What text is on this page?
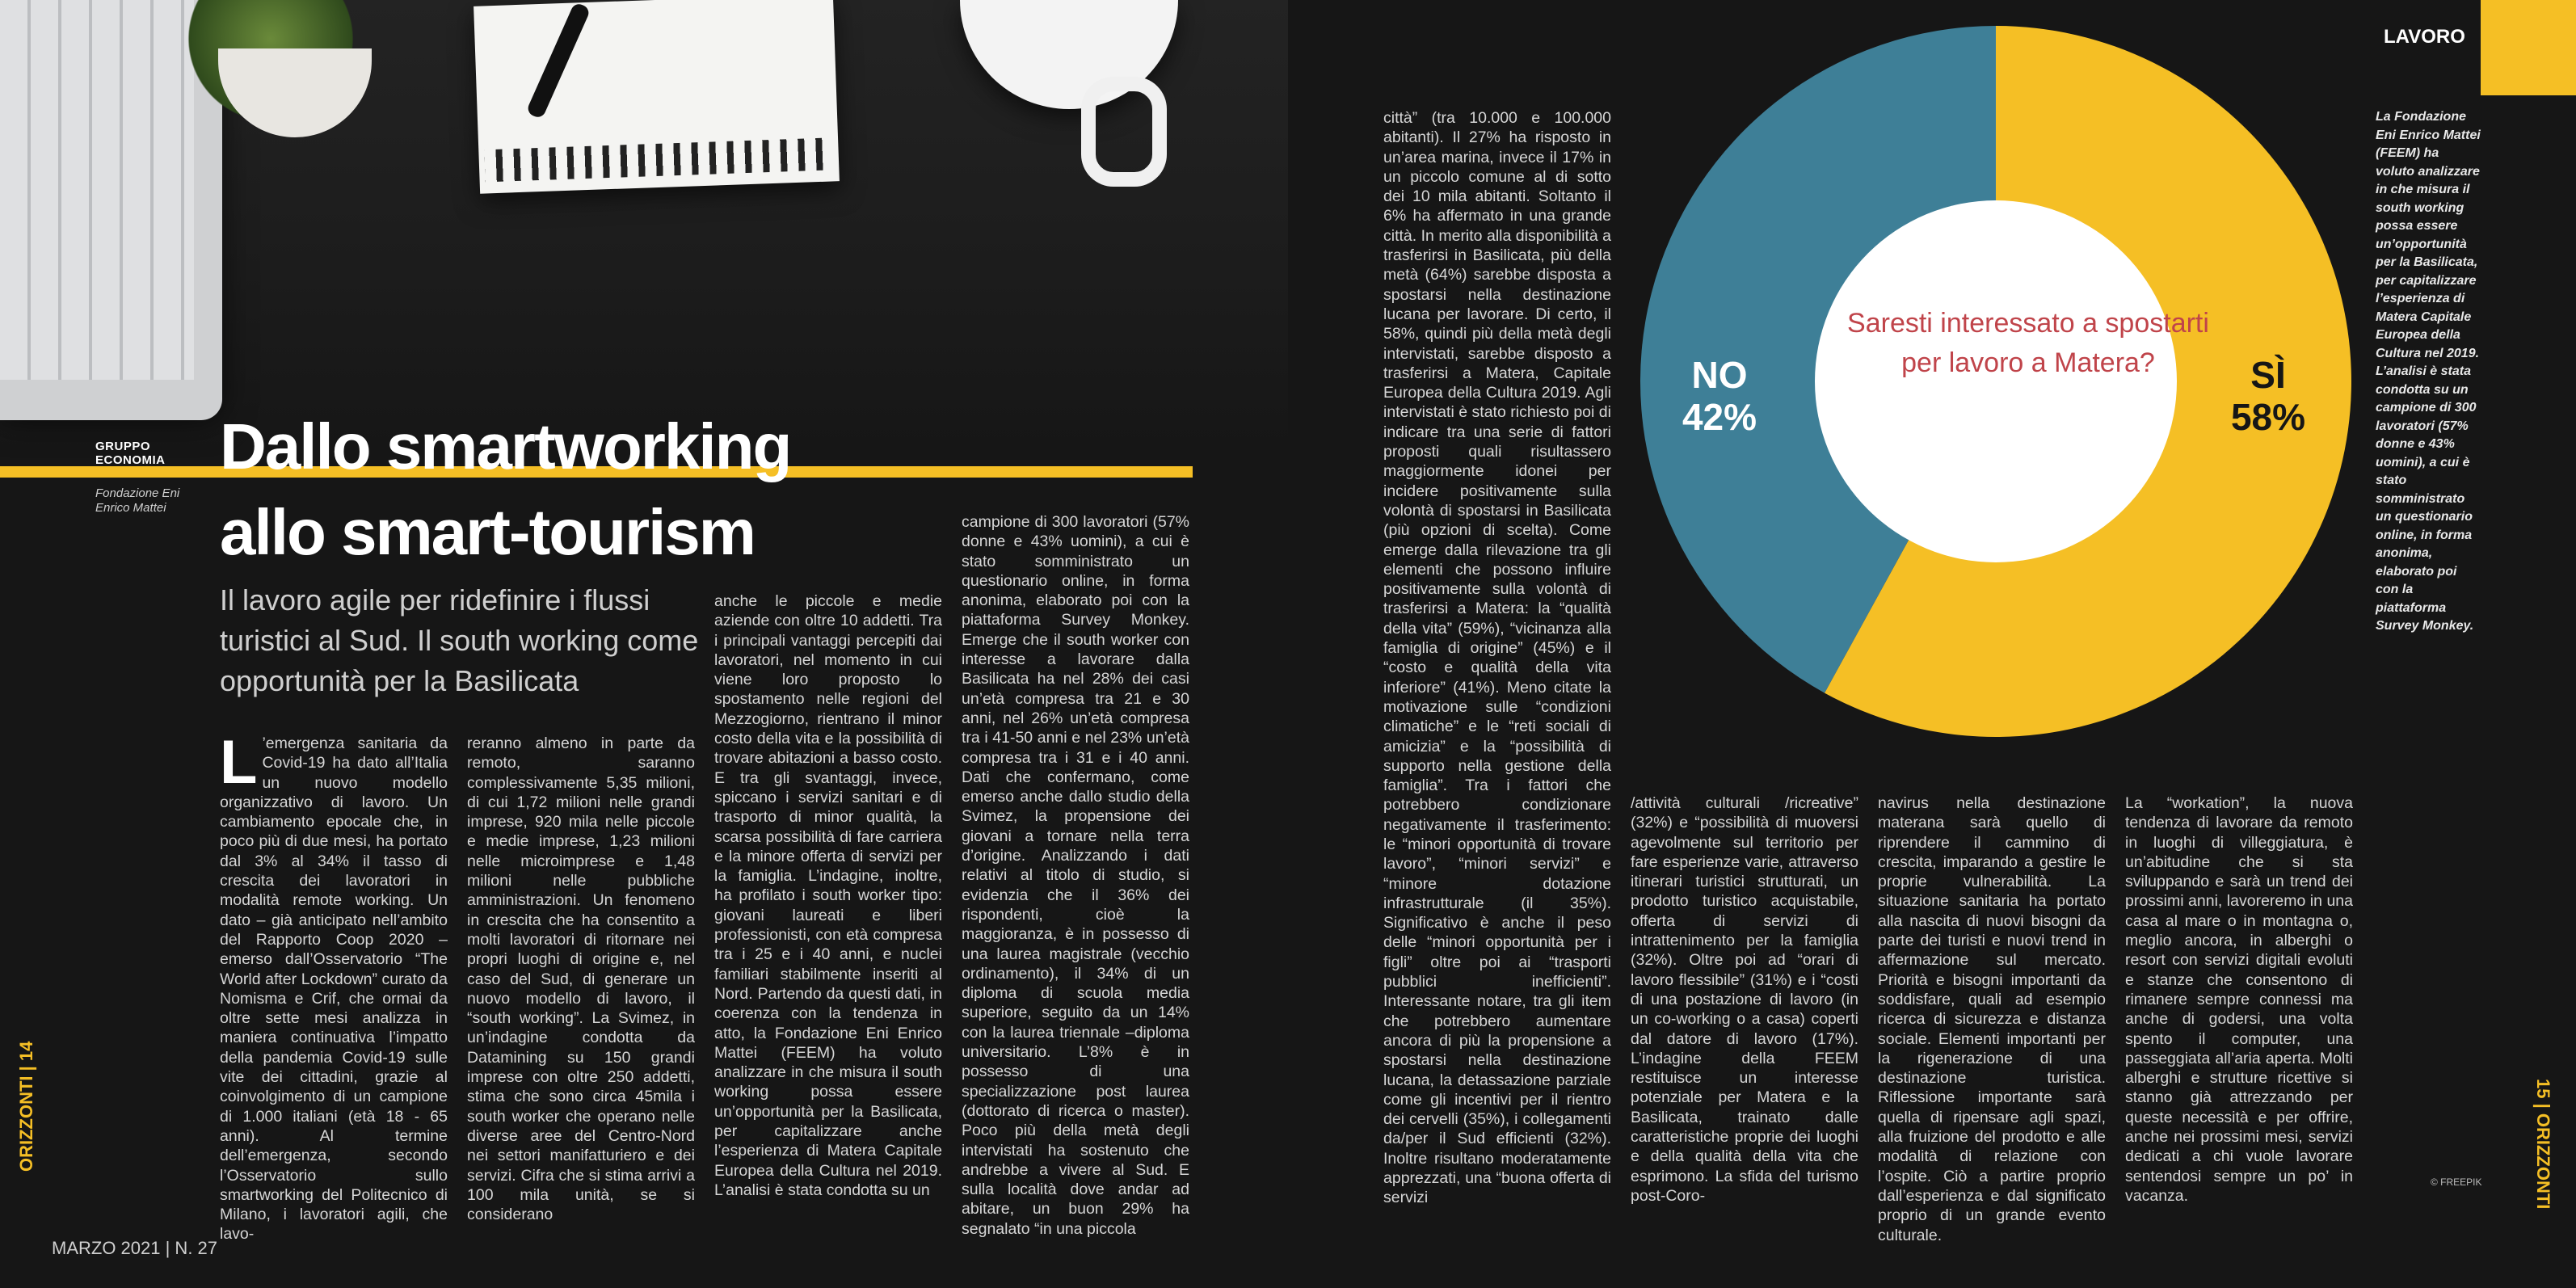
GRUPPO
ECONOMIA
Fondazione Eni
Enrico Mattei
Dallo smartworking
allo smart-tourism
Il lavoro agile per ridefinire i flussi turistici al Sud. Il south working come opportunità per la Basilicata
L ’emergenza sanitaria da Covid-19 ha dato all’Italia un nuovo modello organizzativo di lavoro. Un cambiamento epocale che, in poco più di due mesi, ha portato dal 3% al 34% il tasso di crescita dei lavoratori in modalità remote working. Un dato – già anticipato nell’ambito del Rapporto Coop 2020 – emerso dall’Osservatorio “The World after Lockdown” curato da Nomisma e Crif, che ormai da oltre sette mesi analizza in maniera continuativa l’impatto della pandemia Covid-19 sulle vite dei cittadini, grazie al coinvolgimento di un campione di 1.000 italiani (età 18 - 65 anni). Al termine dell’emergenza, secondo l’Osservatorio sullo smartworking del Politecnico di Milano, i lavoratori agili, che lavo-
reranno almeno in parte da remoto, saranno complessivamente 5,35 milioni, di cui 1,72 milioni nelle grandi imprese, 920 mila nelle piccole e medie imprese, 1,23 milioni nelle microimprese e 1,48 milioni nelle pubbliche amministrazioni. Un fenomeno in crescita che ha consentito a molti lavoratori di ritornare nei propri luoghi di origine e, nel caso del Sud, di generare un nuovo modello di lavoro, il “south working”. La Svimez, in un’indagine condotta da Datamining su 150 grandi imprese con oltre 250 addetti, stima che sono circa 45mila i south worker che operano nelle diverse aree del Centro-Nord nei settori manifatturiero e dei servizi. Cifra che si stima arrivi a 100 mila unità, se si considerano
anche le piccole e medie aziende con oltre 10 addetti. Tra i principali vantaggi percepiti dai lavoratori, nel momento in cui viene loro proposto lo spostamento nelle regioni del Mezzogiorno, rientrano il minor costo della vita e la possibilità di trovare abitazioni a basso costo. E tra gli svantaggi, invece, spiccano i servizi sanitari e di trasporto di minor qualità, la scarsa possibilità di fare carriera e la minore offerta di servizi per la famiglia. L’indagine, inoltre, ha profilato i south worker tipo: giovani laureati e liberi professionisti, con età compresa tra i 25 e i 40 anni, e nuclei familiari stabilmente inseriti al Nord. Partendo da questi dati, in coerenza con la tendenza in atto, la Fondazione Eni Enrico Mattei (FEEM) ha voluto analizzare in che misura il south working possa essere un’opportunità per la Basilicata, per capitalizzare anche l’esperienza di Matera Capitale Europea della Cultura nel 2019. L’analisi è stata condotta su un
campione di 300 lavoratori (57% donne e 43% uomini), a cui è stato somministrato un questionario online, in forma anonima, elaborato poi con la piattaforma Survey Monkey. Emerge che il south worker con interesse a lavorare dalla Basilicata ha nel 28% dei casi un’età compresa tra 21 e 30 anni, nel 26% un’età compresa tra i 41-50 anni e nel 23% un’età compresa tra i 31 e i 40 anni. Dati che confermano, come emerso anche dallo studio della Svimez, la propensione dei giovani a tornare nella terra d’origine. Analizzando i dati relativi al titolo di studio, si evidenzia che il 36% dei rispondenti, cioè la maggioranza, è in possesso di una laurea magistrale (vecchio ordinamento), il 34% di un diploma di scuola media superiore, seguito da un 14% con la laurea triennale –diploma universitario. L’8% è in possesso di una specializzazione post laurea (dottorato di ricerca o master). Poco più della metà degli intervistati ha sostenuto che andrebbe a vivere al Sud. E sulla località dove andar ad abitare, un buon 29% ha segnalato “in una piccola
città” (tra 10.000 e 100.000 abitanti). Il 27% ha risposto in un’area marina, invece il 17% in un piccolo comune al di sotto dei 10 mila abitanti. Soltanto il 6% ha affermato in una grande città. In merito alla disponibilità a trasferirsi in Basilicata, più della metà (64%) sarebbe disposta a spostarsi nella destinazione lucana per lavorare. Di certo, il 58%, quindi più della metà degli intervistati, sarebbe disposto a trasferirsi a Matera, Capitale Europea della Cultura 2019. Agli intervistati è stato richiesto poi di indicare tra una serie di fattori proposti quali risultassero maggiormente idonei per incidere positivamente sulla volontà di spostarsi in Basilicata (più opzioni di scelta). Come emerge dalla rilevazione tra gli elementi che possono influire positivamente sulla volontà di trasferirsi a Matera: la “qualità della vita” (59%), “vicinanza alla famiglia di origine” (45%) e il “costo e qualità della vita inferiore” (41%). Meno citate la motivazione sulle “condizioni climatiche” e le “reti sociali di amicizia” e la “possibilità di supporto nella gestione della famiglia”. Tra i fattori che potrebbero condizionare negativamente il trasferimento: le “minori opportunità di trovare lavoro”, “minori servizi” e “minore dotazione infrastrutturale (il 35%). Significativo è anche il peso delle “minori opportunità per i figli” oltre poi ai “trasporti pubblici inefficienti”. Interessante notare, tra gli item che potrebbero aumentare ancora di più la propensione a spostarsi nella destinazione lucana, la detassazione parziale come gli incentivi per il rientro dei cervelli (35%), i collegamenti da/per il Sud efficienti (32%). Inoltre risultano moderatamente apprezzati, una “buona offerta di servizi
/attività culturali /ricreative” (32%) e “possibilità di muoversi agevolmente sul territorio per fare esperienze varie, attraverso itinerari turistici strutturati, un prodotto turistico acquistabile, offerta di servizi di intrattenimento per la famiglia (32%). Oltre poi ad “orari di lavoro flessibile” (31%) e i “costi di una postazione di lavoro (in un co-working o a casa) coperti dal datore di lavoro (17%). L’indagine della FEEM restituisce un interesse potenziale per Matera e la Basilicata, trainato dalle caratteristiche proprie dei luoghi e della qualità della vita che esprimono. La sfida del turismo post-Coro-
navirus nella destinazione materana sarà quello di riprendere il cammino di crescita, imparando a gestire le proprie vulnerabilità. La situazione sanitaria ha portato alla nascita di nuovi bisogni da parte dei turisti e nuovi trend in affermazione sul mercato. Priorità e bisogni importanti da soddisfare, quali ad esempio ricerca di sicurezza e distanza sociale. Elementi importanti per la rigenerazione di una destinazione turistica. Riflessione importante sarà quella di ripensare agli spazi, alla fruizione del prodotto e alle modalità di relazione con l’ospite. Ciò a partire proprio dall’esperienza e dal significato proprio di un grande evento culturale.
La “workation”, la nuova tendenza di lavorare da remoto in luoghi di villeggiatura, è un’abitudine che si sta sviluppando e sarà un trend dei prossimi anni, lavoreremo in una casa al mare o in montagna o, meglio ancora, in alberghi o resort con servizi digitali evoluti e stanze che consentono di rimanere sempre connessi ma anche di godersi, una volta spento il computer, una passeggiata all’aria aperta. Molti alberghi e strutture ricettive si stanno già attrezzando per queste necessità e per offrire, anche nei prossimi mesi, servizi dedicati a chi vuole lavorare sentendosi sempre un po’ in vacanza.
Saresti interessato a spostarti per lavoro a Matera?
NO 42%
SÌ 58%
LAVORO
La Fondazione Eni Enrico Mattei (FEEM) ha voluto analizzare in che misura il south working possa essere un’opportunità per la Basilicata, per capitalizzare l’esperienza di Matera Capitale Europea della Cultura nel 2019. L’analisi è stata condotta su un campione di 300 lavoratori (57% donne e 43% uomini), a cui è stato somministrato un questionario online, in forma anonima, elaborato poi con la piattaforma Survey Monkey.
ORIZZONTI | 14
MARZO 2021 | N. 27
15 | ORIZZONTI
© FREEPIK
